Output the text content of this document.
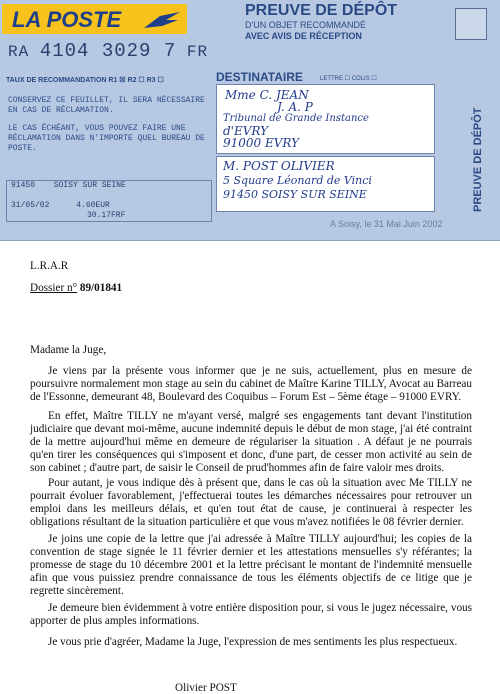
LA POSTE
RA 4104 3029 7 FR
PREUVE DE DÉPÔT
D'UN OBJET RECOMMANDÉ
AVEC AVIS DE RÉCEPTION
TAUX DE RECOMMANDATION R1 ☒ R2 ☐ R3 ☐

CONSERVEZ CE FEUILLET, IL SERA NÉCESSAIRE EN CAS DE RÉCLAMATION.

LE CAS ÉCHÉANT, VOUS POUVEZ FAIRE UNE RÉCLAMATION DANS N'IMPORTE QUEL BUREAU DE POSTE.

91450 SOISY SUR SEINE
31/05/02	4.60EUR
30.17FRF
DESTINATAIRE	LETTRE ☐ COLIS ☐
Mme C. JEAN
J. A. P
Tribunal de Grande Instance
d'EVRY
91000 EVRY
M. POST OLIVIER
5 Square Léonard de Vinci
91450 SOISY SUR SEINE
A Soisy, le 31 Mai Juin 2002
PREUVE DE DÉPÔT
L.R.A.R
Dossier n° 89/01841
Madame la Juge,
Je viens par la présente vous informer que je ne suis, actuellement, plus en mesure de poursuivre normalement mon stage au sein du cabinet de Maître Karine TILLY, Avocat au Barreau de l'Essonne, demeurant 48, Boulevard des Coquibus – Forum Est – 5ème étage – 91000 EVRY.
En effet, Maître TILLY ne m'ayant versé, malgré ses engagements tant devant l'institution judiciaire que devant moi-même, aucune indemnité depuis le début de mon stage, j'ai été contraint de la mettre aujourd'hui même en demeure de régulariser la situation . A défaut je ne pourrais qu'en tirer les conséquences qui s'imposent et donc, d'une part, de cesser mon activité au sein de son cabinet ; d'autre part, de saisir le Conseil de prud'hommes afin de faire valoir mes droits.
Pour autant, je vous indique dès à présent que, dans le cas où la situation avec Me TILLY ne pourrait évoluer favorablement, j'effectuerai toutes les démarches nécessaires pour retrouver un emploi dans les meilleurs délais, et qu'en tout état de cause, je continuerai à respecter les obligations résultant de la situation particulière et que vous m'avez notifiées le 08 février dernier.
Je joins une copie de la lettre que j'ai adressée à Maître TILLY aujourd'hui; les copies de la convention de stage signée le 11 février dernier et les attestations mensuelles s'y référantes; la promesse de stage du 10 décembre 2001 et la lettre précisant le montant de l'indemnité mensuelle afin que vous puissiez prendre connaissance de tous les éléments objectifs de ce litige que je regrette sincèrement.
Je demeure bien évidemment à votre entière disposition pour, si vous le jugez nécessaire, vous apporter de plus amples informations.
Je vous prie d'agréer, Madame la Juge, l'expression de mes sentiments les plus respectueux.
Olivier POST
